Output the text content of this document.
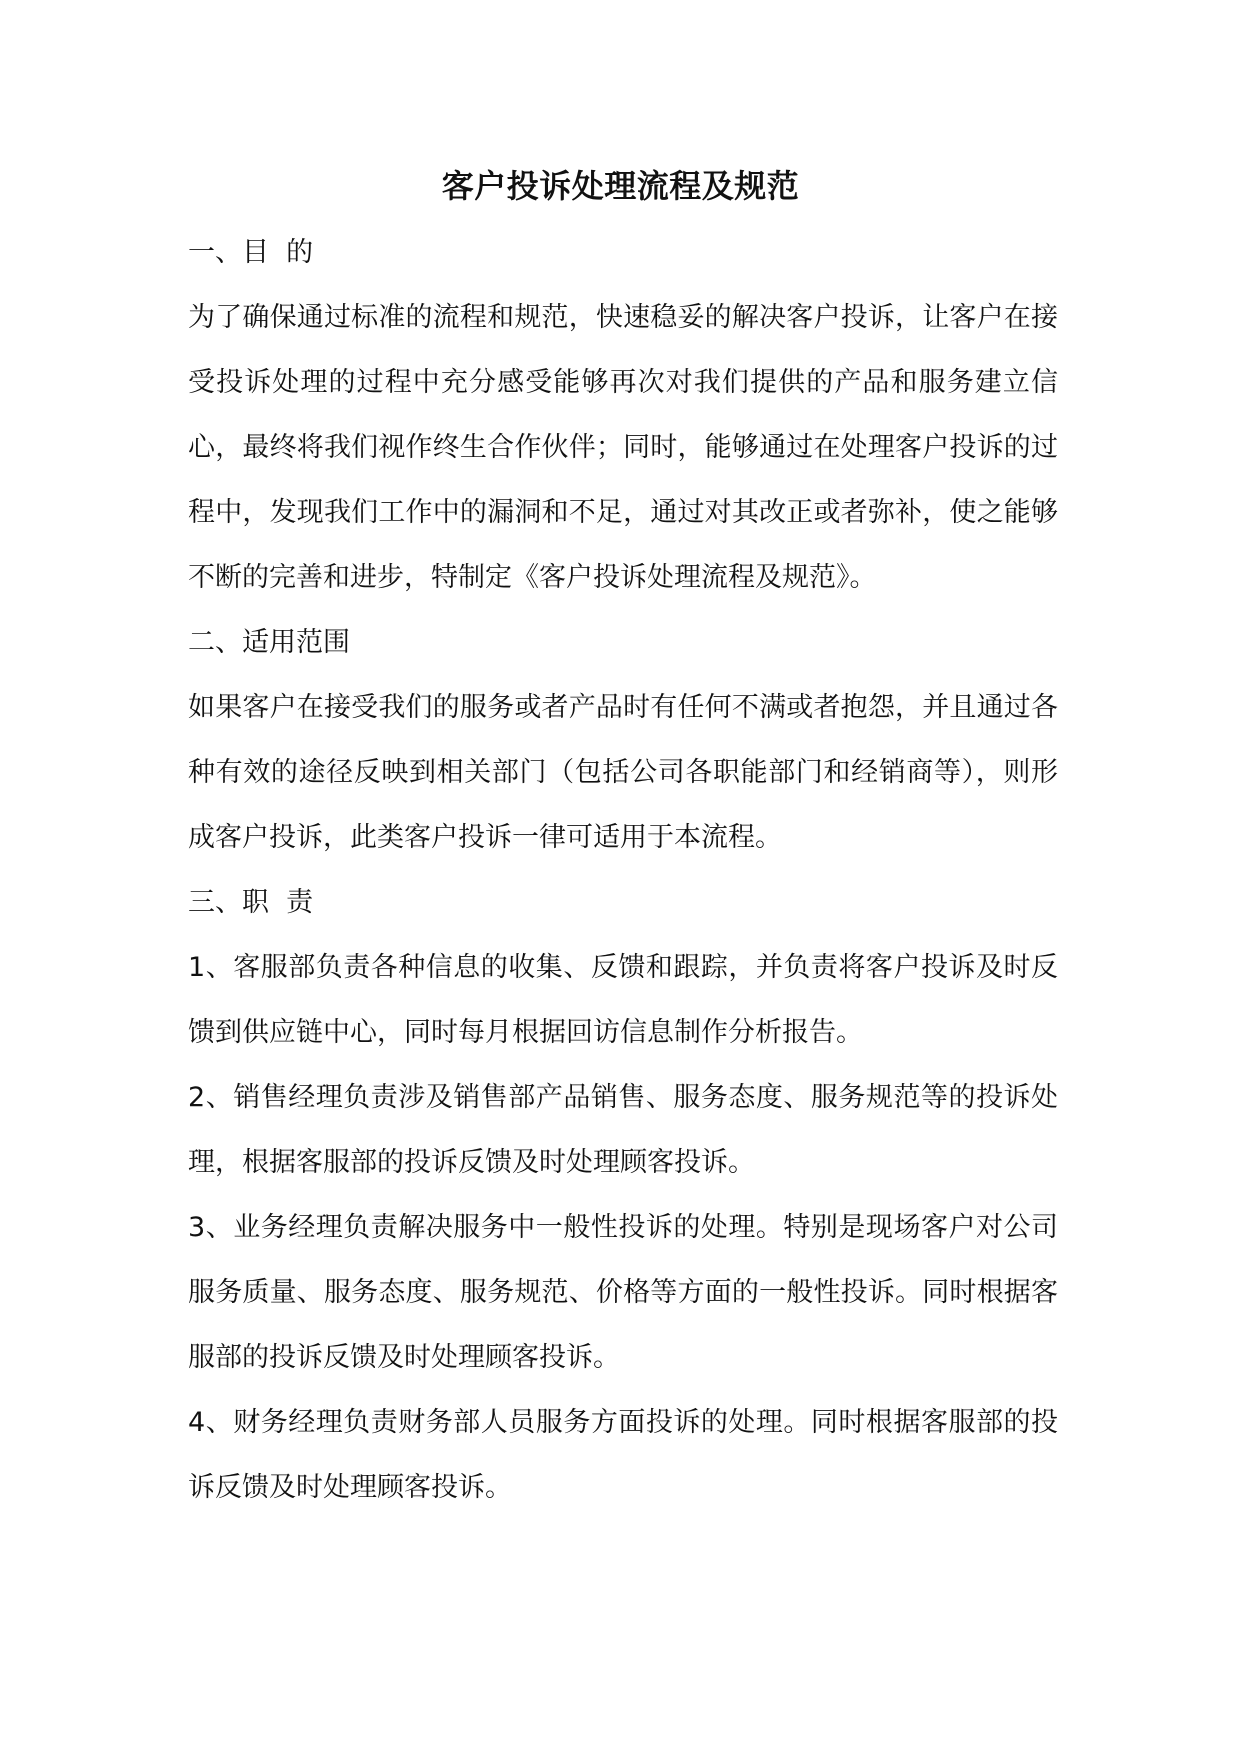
客户投诉处理流程及规范
一、目  的

为了确保通过标准的流程和规范，快速稳妥的解决客户投诉，让客户在接受投诉处理的过程中充分感受能够再次对我们提供的产品和服务建立信心，最终将我们视作终生合作伙伴；同时，能够通过在处理客户投诉的过程中，发现我们工作中的漏洞和不足，通过对其改正或者弥补，使之能够不断的完善和进步，特制定《客户投诉处理流程及规范》。

二、适用范围

如果客户在接受我们的服务或者产品时有任何不满或者抱怨，并且通过各种有效的途径反映到相关部门（包括公司各职能部门和经销商等），则形成客户投诉，此类客户投诉一律可适用于本流程。

三、职  责

1、客服部负责各种信息的收集、反馈和跟踪，并负责将客户投诉及时反馈到供应链中心，同时每月根据回访信息制作分析报告。

2、销售经理负责涉及销售部产品销售、服务态度、服务规范等的投诉处理，根据客服部的投诉反馈及时处理顾客投诉。

3、业务经理负责解决服务中一般性投诉的处理。特别是现场客户对公司服务质量、服务态度、服务规范、价格等方面的一般性投诉。同时根据客服部的投诉反馈及时处理顾客投诉。

4、财务经理负责财务部人员服务方面投诉的处理。同时根据客服部的投诉反馈及时处理顾客投诉。
